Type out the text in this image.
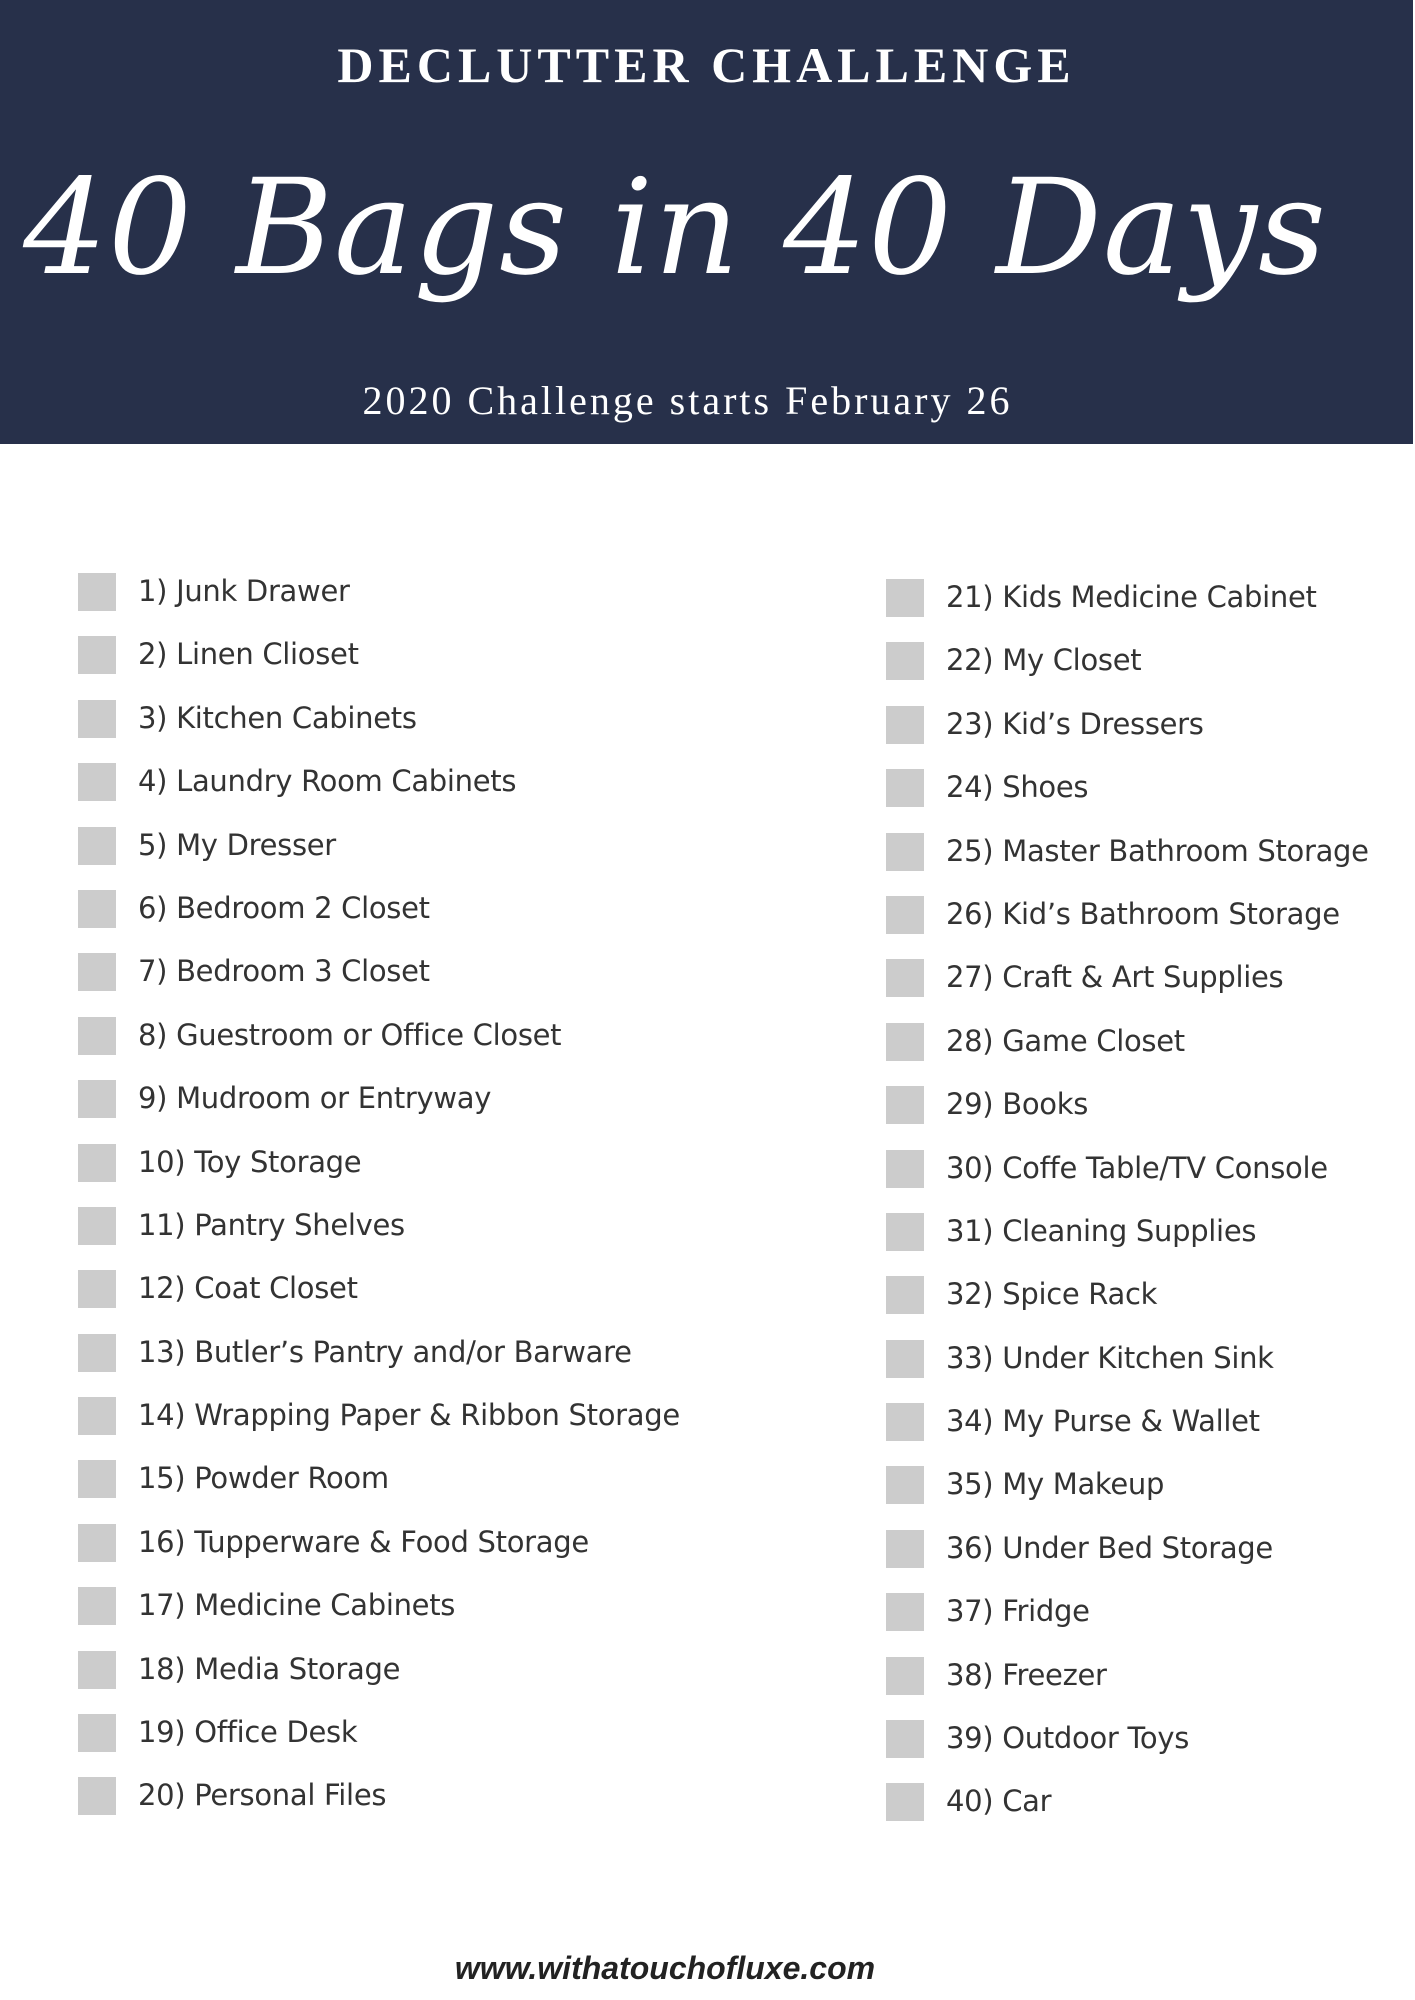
DECLUTTER CHALLENGE
40 Bags in 40 Days
2020 Challenge starts February 26
1) Junk Drawer
2) Linen Clioset
3) Kitchen Cabinets
4) Laundry Room Cabinets
5) My Dresser
6) Bedroom 2 Closet
7) Bedroom 3 Closet
8) Guestroom or Office Closet
9) Mudroom or Entryway
10) Toy Storage
11) Pantry Shelves
12) Coat Closet
13) Butler’s Pantry and/or Barware
14) Wrapping Paper & Ribbon Storage
15) Powder Room
16) Tupperware & Food Storage
17) Medicine Cabinets
18) Media Storage
19) Office Desk
20) Personal Files
21) Kids Medicine Cabinet
22) My Closet
23) Kid’s Dressers
24) Shoes
25) Master Bathroom Storage
26) Kid’s Bathroom Storage
27) Craft & Art Supplies
28) Game Closet
29) Books
30) Coffe Table/TV Console
31) Cleaning Supplies
32) Spice Rack
33) Under Kitchen Sink
34) My Purse & Wallet
35) My Makeup
36) Under Bed Storage
37) Fridge
38) Freezer
39) Outdoor Toys
40) Car
www.withatouchofluxe.com
